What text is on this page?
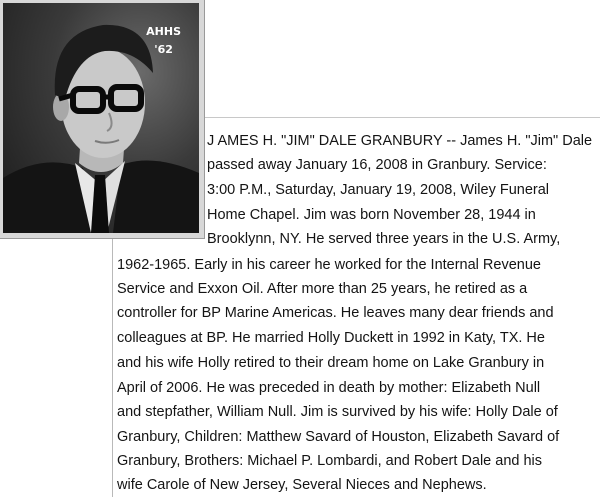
AHHS
'62
J AMES H. "JIM" DALE GRANBURY -- James H. "Jim" Dale
passed away January 16, 2008 in Granbury. Service:
3:00 P.M., Saturday, January 19, 2008, Wiley Funeral
Home Chapel. Jim was born November 28, 1944 in
Brooklynn, NY. He served three years in the U.S. Army,
1962-1965. Early in his career he worked for the Internal Revenue
Service and Exxon Oil. After more than 25 years, he retired as a
controller for BP Marine Americas. He leaves many dear friends and
colleagues at BP. He married Holly Duckett in 1992 in Katy, TX. He
and his wife Holly retired to their dream home on Lake Granbury in
April of 2006. He was preceded in death by mother: Elizabeth Null
and stepfather, William Null. Jim is survived by his wife: Holly Dale of
Granbury, Children: Matthew Savard of Houston, Elizabeth Savard of
Granbury, Brothers: Michael P. Lombardi, and Robert Dale and his
wife Carole of New Jersey, Several Nieces and Nephews.
